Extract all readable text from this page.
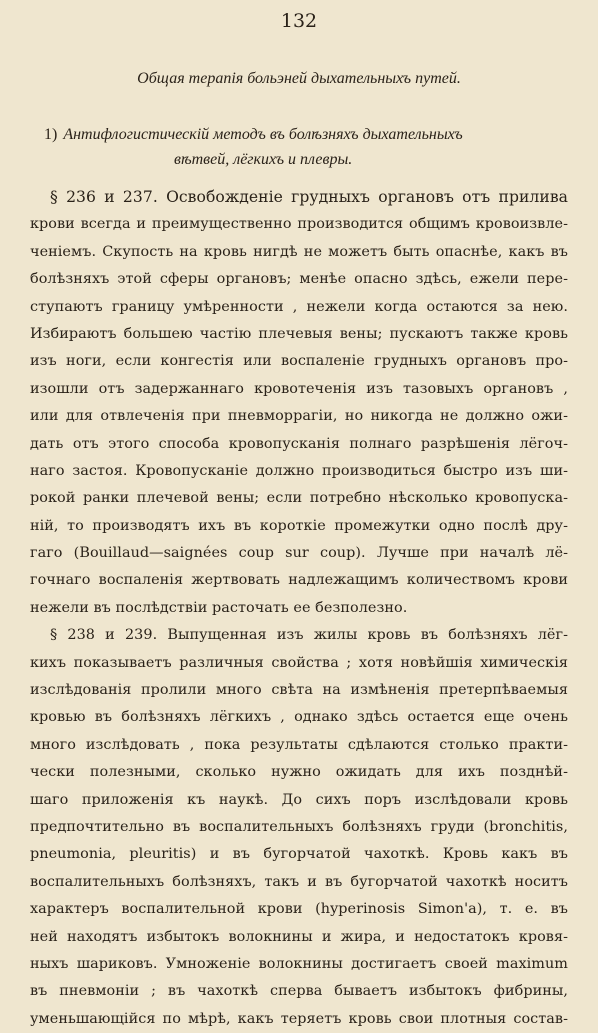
132
Общая терапія больэней дыхательныхъ путей.
1) Антифлогистическій методъ въ болѣзняхъ дыхательныхъ
вѣтвей, лёгкихъ и плевры.
§ 236 и 237. Освобожденіе грудныхъ органовъ отъ прилива
крови всегда и преимущественно производится общимъ кровоизвле-
ченіемъ. Скупость на кровь нигдѣ не можетъ быть опаснѣе, какъ въ
болѣзняхъ этой сферы органовъ; менѣе опасно здѣсь, ежели пере-
ступаютъ границу умѣренности , нежели когда остаются за нею.
Избираютъ большею частію плечевыя вены; пускаютъ также кровь
изъ ноги, если конгестія или воспаленіе грудныхъ органовъ про-
изошли отъ задержаннаго кровотеченія изъ тазовыхъ органовъ ,
или для отвлеченія при пневморрагіи, но никогда не должно ожи-
дать отъ этого способа кровопусканія полнаго разрѣшенія лёгоч-
наго застоя. Кровопусканіе должно производиться быстро изъ ши-
рокой ранки плечевой вены; если потребно нѣсколько кровопуска-
ній, то производятъ ихъ въ короткіе промежутки одно послѣ дру-
гаго (Bouillaud—saignées coup sur coup). Лучше при началѣ лё-
гочнаго воспаленія жертвовать надлежащимъ количествомъ крови
нежели въ послѣдствіи расточать ее безполезно.
§ 238 и 239. Выпущенная изъ жилы кровь въ болѣзняхъ лёг-
кихъ показываетъ различныя свойства ; хотя новѣйшія химическія
изслѣдованія пролили много свѣта на измѣненія претерпѣваемыя
кровью въ болѣзняхъ лёгкихъ , однако здѣсь остается еще очень
много изслѣдовать , пока результаты сдѣлаются столько практи-
чески полезными, сколько нужно ожидать для ихъ позднѣй-
шаго приложенія къ наукѣ. До сихъ поръ изслѣдовали кровь
предпочтительно въ воспалительныхъ болѣзняхъ груди (bronchitis,
pneumonia, pleuritis) и въ бугорчатой чахоткѣ. Кровь какъ въ
воспалительныхъ болѣзняхъ, такъ и въ бугорчатой чахоткѣ носитъ
характеръ воспалительной крови (hyperinosis Simon'а), т. е. въ
ней находятъ избытокъ волокнины и жира, и недостатокъ кровя-
ныхъ шариковъ. Умноженіе волокнины достигаетъ своей maximum
въ пневмоніи ; въ чахоткѣ сперва бываетъ избытокъ фибрины,
уменьшающійся по мѣрѣ, какъ теряетъ кровь свои плотныя состав-
